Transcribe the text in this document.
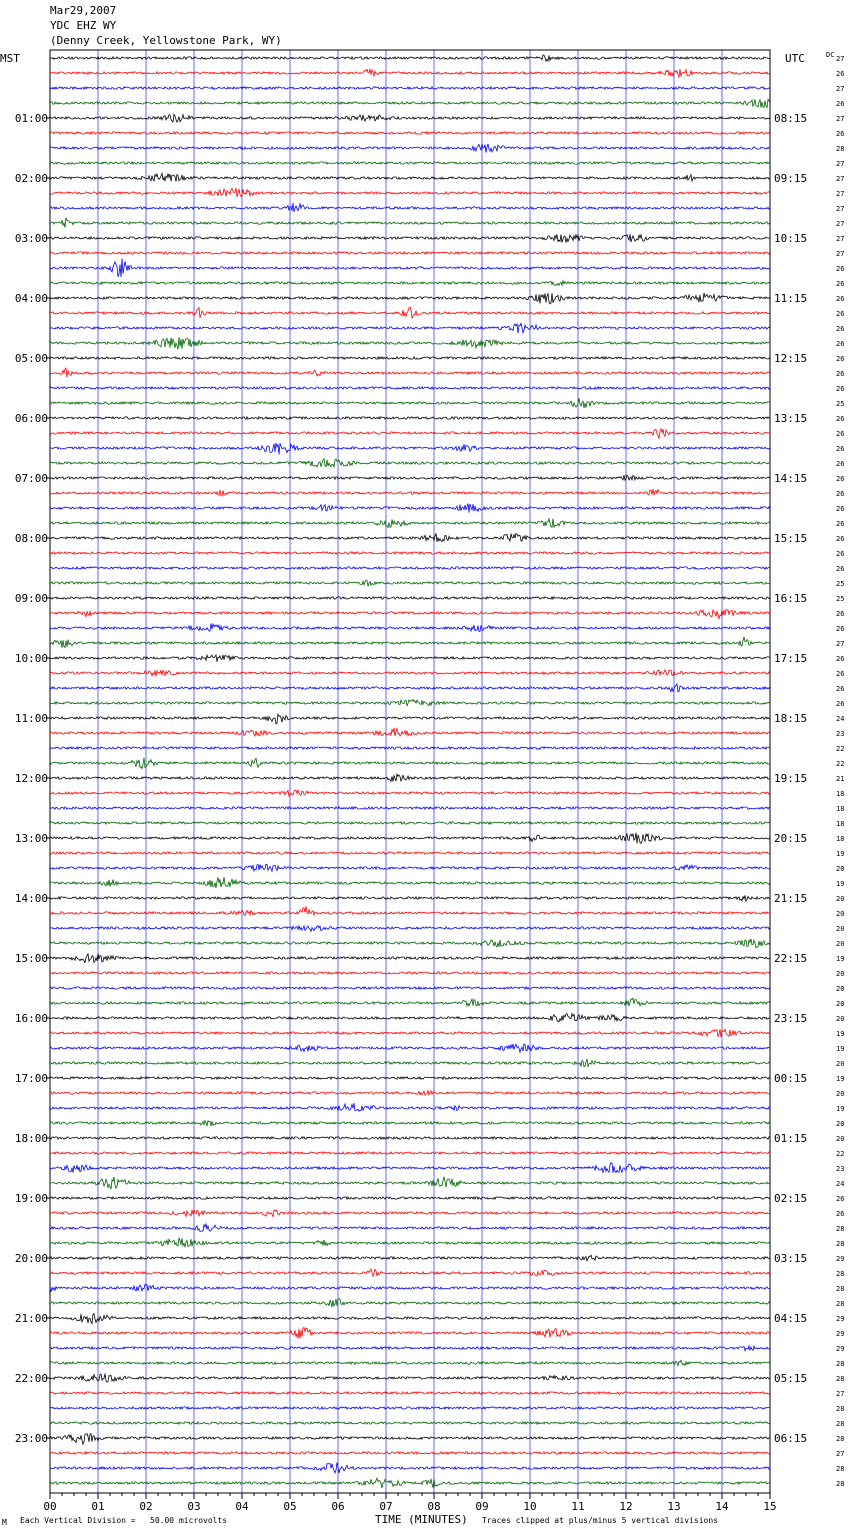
Mar29,2007
YDC EHZ WY
(Denny Creek, Yellowstone Park, WY)
MST	UTC	27
26
27
26
27
26
28
27
27
27
27
27
27
27
26
26
26
26
26
26
26
26
26
25
26
26
26
26
26
26
26
26
26
26
26
25
25
26
26
27
26
26
26
26
24
23
22
22
21
18
18
18
18
19
20
19
20
20
20
20
19
20
20
20
20
19
19
20
19
20
19
20
20
22
23
24
26
26
28
28
29
28
28
28
29
29
29
28
28
27
28
28
28
27
28
28
DC
01:00	08:15
02:00	09:15
03:00	10:15
04:00	11:15
05:00	12:15
06:00	13:15
07:00	14:15
08:00	15:15
09:00	16:15
10:00	17:15
11:00	18:15
12:00	19:15
13:00	20:15
14:00	21:15
15:00	22:15
16:00	23:15
17:00	00:15
18:00	01:15
19:00	02:15
20:00	03:15
21:00	04:15
22:00	05:15
23:00	06:15
00	01	02	03	04	05	06	07	08	09	10	11	12	13	14	15
M Each Vertical Division =   50.00 microvolts	TIME (MINUTES) Traces clipped at plus/minus 5 vertical divisions
